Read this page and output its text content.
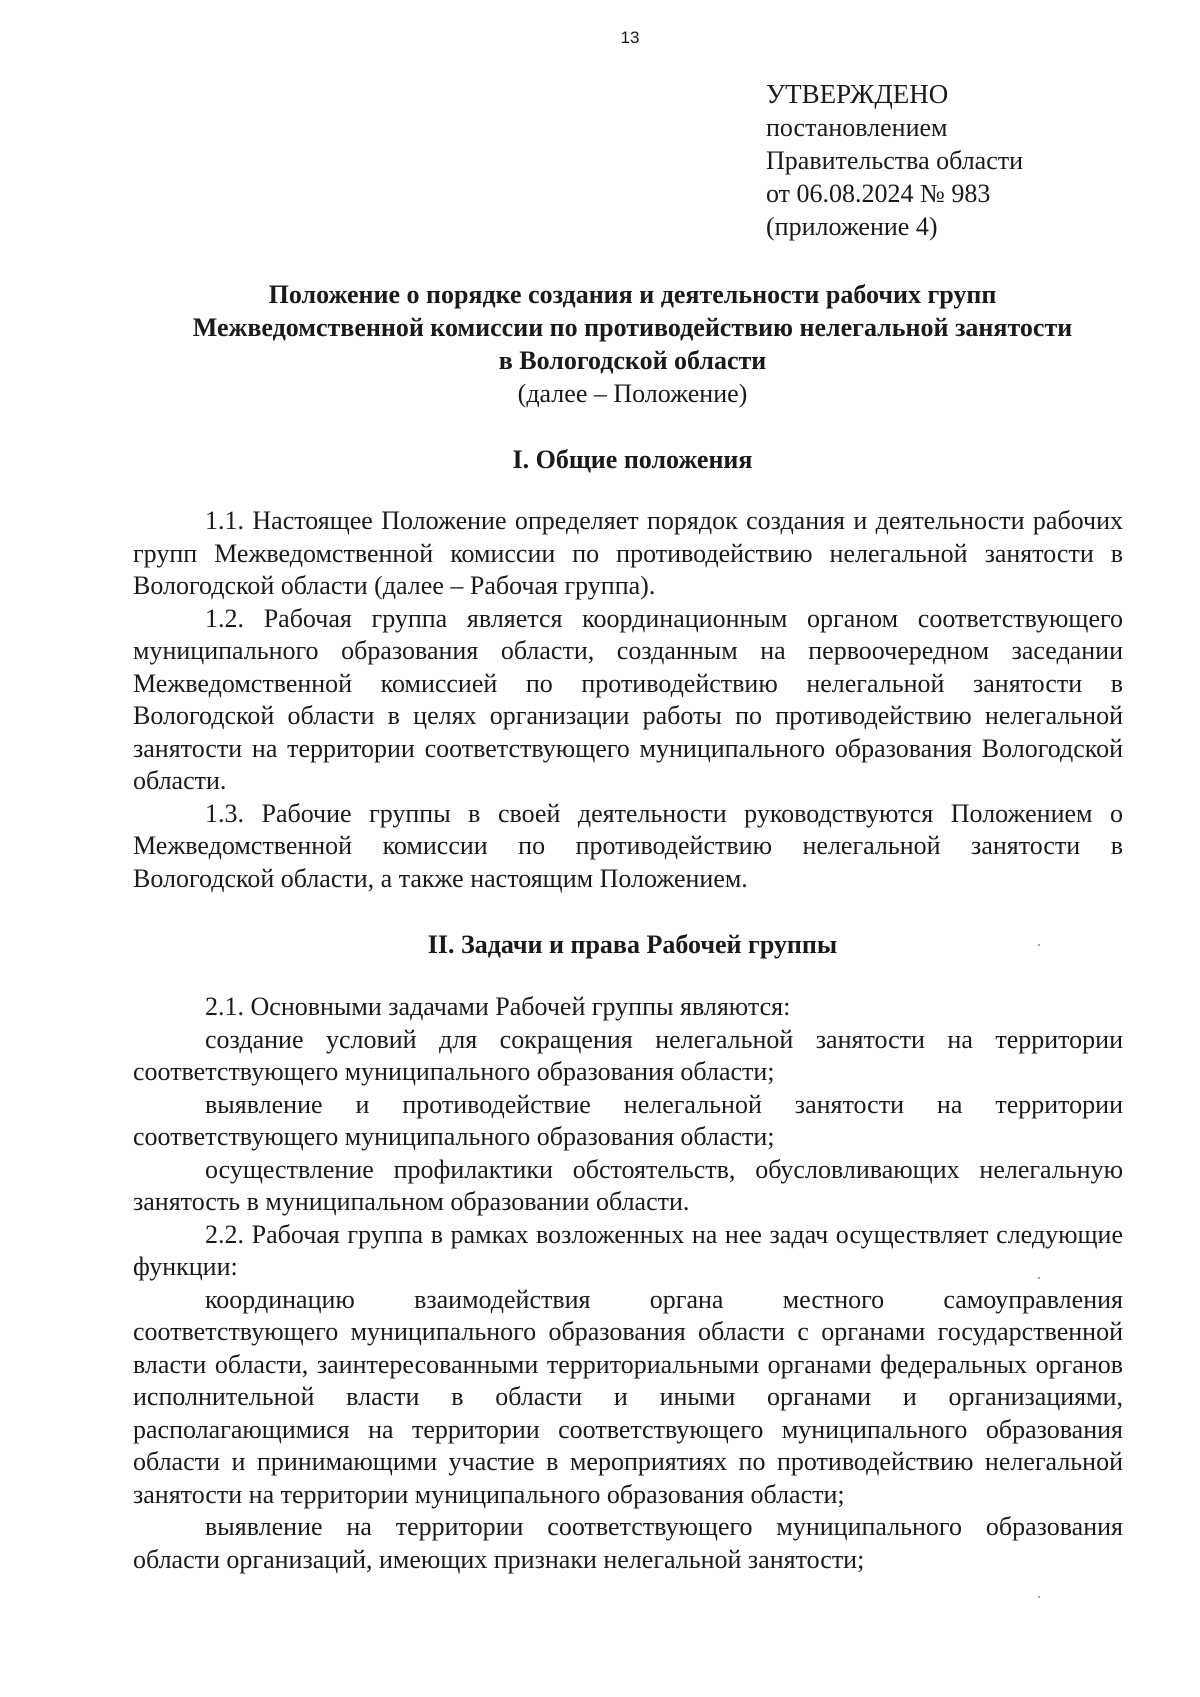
13
УТВЕРЖДЕНО
постановлением
Правительства области
от 06.08.2024 № 983
(приложение 4)
Положение о порядке создания и деятельности рабочих групп
Межведомственной комиссии по противодействию нелегальной занятости
в Вологодской области
(далее – Положение)
I. Общие положения

1.1. Настоящее Положение определяет порядок создания и деятельности рабочих групп Межведомственной комиссии по противодействию нелегальной занятости в Вологодской области (далее – Рабочая группа).

1.2. Рабочая группа является координационным органом соответствующего муниципального образования области, созданным на первоочередном заседании Межведомственной комиссией по противодействию нелегальной занятости в Вологодской области в целях организации работы по противодействию нелегальной занятости на территории соответствующего муниципального образования Вологодской области.

1.3. Рабочие группы в своей деятельности руководствуются Положением о Межведомственной комиссии по противодействию нелегальной занятости в Вологодской области, а также настоящим Положением.

II. Задачи и права Рабочей группы

2.1. Основными задачами Рабочей группы являются:

создание условий для сокращения нелегальной занятости на территории соответствующего муниципального образования области;

выявление и противодействие нелегальной занятости на территории соответствующего муниципального образования области;

осуществление профилактики обстоятельств, обусловливающих нелегальную занятость в муниципальном образовании области.

2.2. Рабочая группа в рамках возложенных на нее задач осуществляет следующие функции:

координацию взаимодействия органа местного самоуправления соответствующего муниципального образования области с органами государственной власти области, заинтересованными территориальными органами федеральных органов исполнительной власти в области и иными органами и организациями, располагающимися на территории соответствующего муниципального образования области и принимающими участие в мероприятиях по противодействию нелегальной занятости на территории муниципального образования области;

выявление на территории соответствующего муниципального образования области организаций, имеющих признаки нелегальной занятости;
